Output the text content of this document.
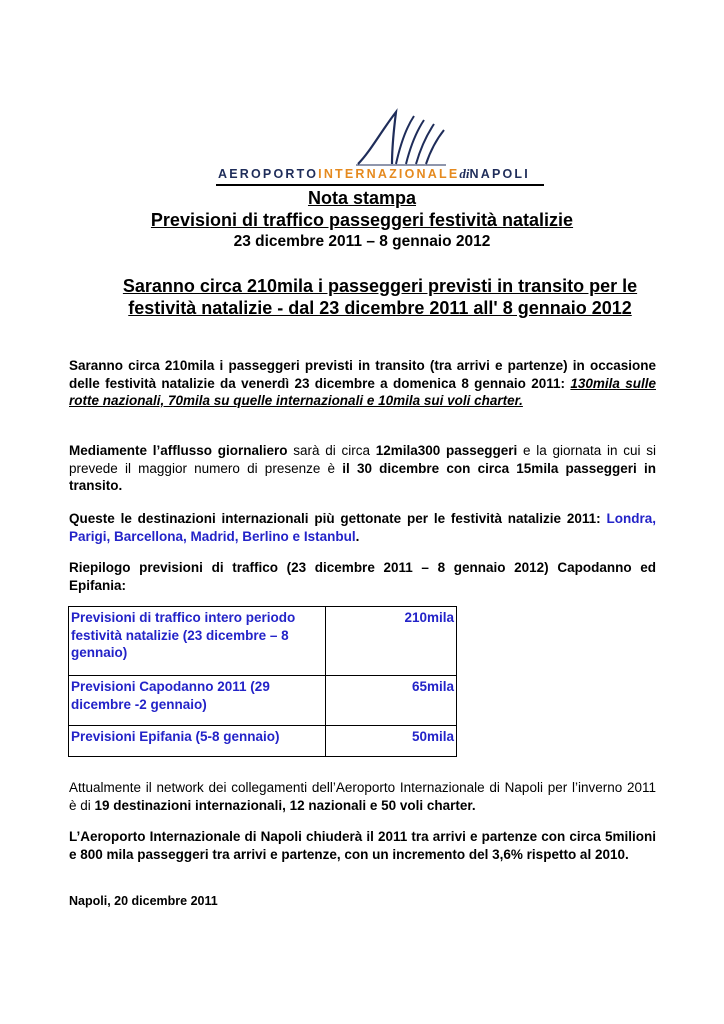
AEROPORTOINTERNAZIONALEdiNAPOLI
Nota stampa
Previsioni di traffico passeggeri festività natalizie
23 dicembre 2011 – 8 gennaio 2012
Saranno circa 210mila i passeggeri previsti in transito per le festività natalizie - dal 23 dicembre 2011 all' 8 gennaio 2012
Saranno circa 210mila i passeggeri previsti in transito (tra arrivi e partenze) in occasione delle festività natalizie da venerdì 23 dicembre a domenica 8 gennaio 2011: 130mila sulle rotte nazionali, 70mila su quelle internazionali e 10mila sui voli charter.
Mediamente l’afflusso giornaliero sarà di circa 12mila300 passeggeri e la giornata in cui si prevede il maggior numero di presenze è il 30 dicembre con circa 15mila passeggeri in transito.
Queste le destinazioni internazionali più gettonate per le festività natalizie 2011: Londra, Parigi, Barcellona, Madrid, Berlino e Istanbul.
Riepilogo previsioni di traffico (23 dicembre 2011 – 8 gennaio 2012) Capodanno ed Epifania:
Previsioni di traffico intero periodo festività natalizie (23 dicembre – 8 gennaio)	210mila
Previsioni Capodanno 2011 (29 dicembre -2 gennaio)	65mila
Previsioni Epifania (5-8 gennaio)	50mila
Attualmente il network dei collegamenti dell’Aeroporto Internazionale di Napoli per l’inverno 2011 è di 19 destinazioni internazionali, 12 nazionali e 50 voli charter.
L’Aeroporto Internazionale di Napoli chiuderà il 2011 tra arrivi e partenze con circa 5milioni e 800 mila passeggeri tra arrivi e partenze, con un incremento del 3,6% rispetto al 2010.
Napoli, 20 dicembre 2011
